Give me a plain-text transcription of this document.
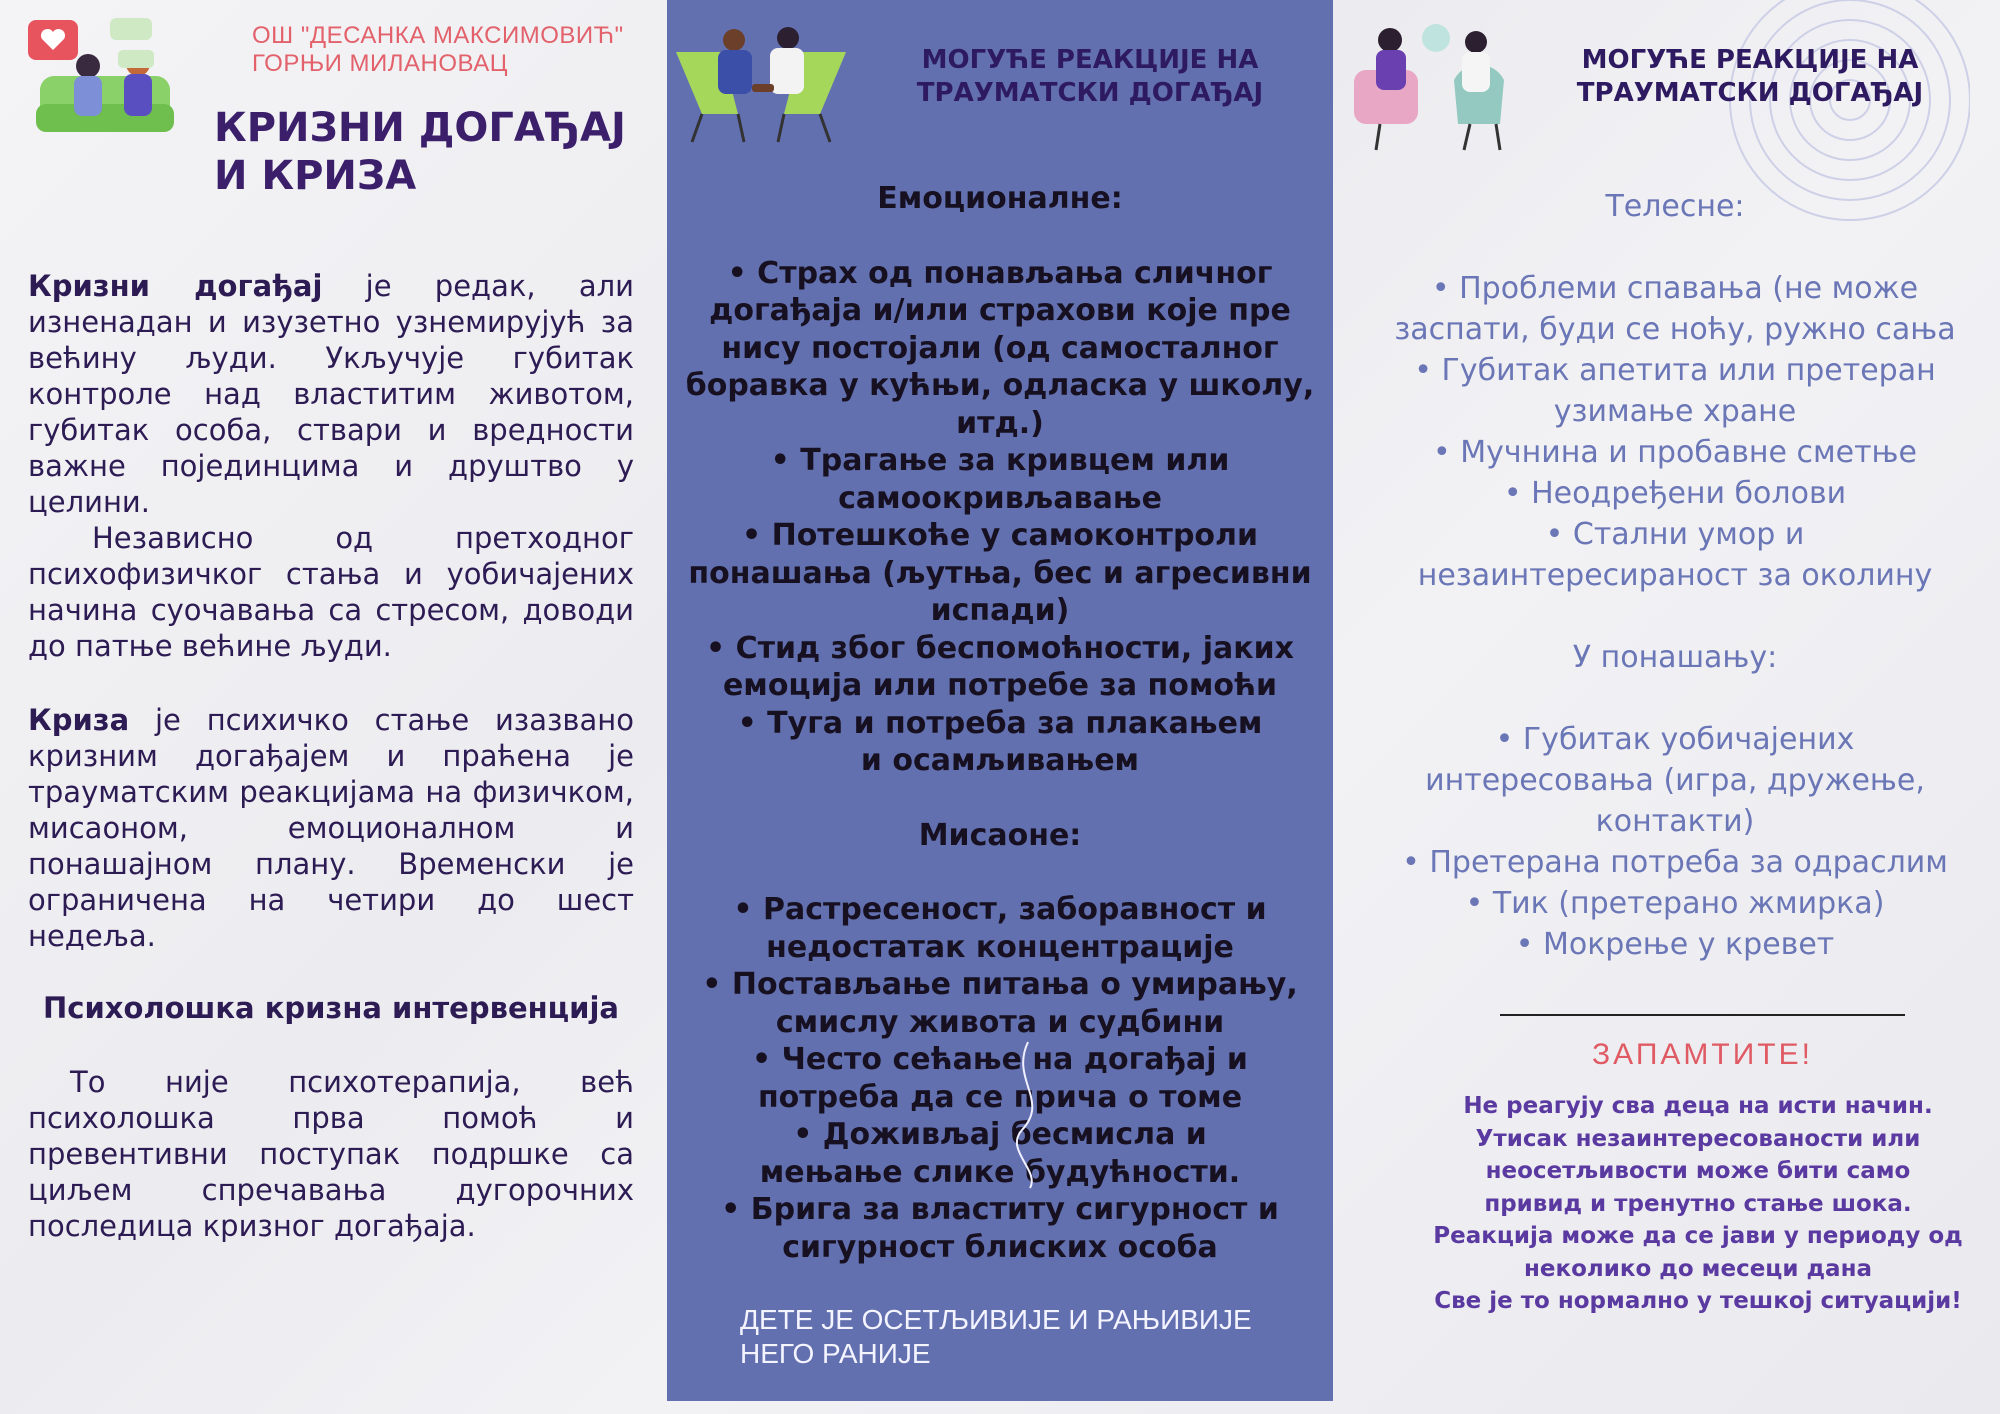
ОШ "ДЕСАНКА МАКСИМОВИЋ"
ГОРЊИ МИЛАНОВАЦ
КРИЗНИ ДОГАЂАЈ
И КРИЗА
Кризни догађај је редак, али изненадан и изузетно узнемирујућ за већину људи. Укључује губитак контроле над властитим животом, губитак особа, ствари и вредности важне појединцима и друштво у целини.
Независно од претходног психофизичког стања и уобичајених начина суочавања са стресом, доводи до патње већине људи.
Криза је психичко стање изазвано кризним догађајем и праћена је трауматским реакцијама на физичком, мисаоном, емоционалном и понашајном плану. Временски је ограничена на четири до шест недеља.
Психолошка кризна интервенција
То није психотерапија, већ психолошка прва помоћ и превентивни поступак подршке са циљем спречавања дугорочних последица кризног догађаја.
МОГУЋЕ РЕАКЦИЈЕ НА
ТРАУМАТСКИ ДОГАЂАЈ
Емоционалне:
• Страх од понављања сличног догађаја и/или страхови које пре нису постојали (од самосталног боравка у кућњи, одласка у школу, итд.)
• Трагање за кривцем или самоокривљавање
• Потешкоће у самоконтроли понашања (љутња, бес и агресивни испади)
• Стид због беспомоћности, јаких емоција или потребе за помоћи
• Туга и потреба за плакањем и осамљивањем
Мисаоне:
• Растресеност, заборавност и недостатак концентрације
• Постављање питања о умирању, смислу живота и судбини
• Често сећање на догађај и потреба да се прича о томе
• Доживљај бесмисла и мењање слике будућности.
• Брига за властиту сигурност и сигурност блиских особа
ДЕТЕ ЈЕ ОСЕТЉИВИЈЕ И РАЊИВИЈЕ
НЕГО РАНИЈЕ
МОГУЋЕ РЕАКЦИЈЕ НА
ТРАУМАТСКИ ДОГАЂАЈ
Телесне:
• Проблеми спавања (не може
заспати, буди се ноћу, ружно сања
• Губитак апетита или претеран
узимање хране
• Мучнина и пробавне сметње
• Неодређени болови
• Стални умор и
незаинтересираност за околину
У понашању:
• Губитак уобичајених
интересовања (игра, дружење,
контакти)
• Претерана потреба за одраслим
• Тик (претерано жмирка)
• Мокрење у кревет
ЗАПАМТИТЕ!
Не реагују сва деца на исти начин.
Утисак незаинтересованости или
неосетљивости може бити само
привид и тренутно стање шока.
Реакција може да се јави у периоду од
неколико до месеци дана
Све је то нормално у тешкој ситуацији!
